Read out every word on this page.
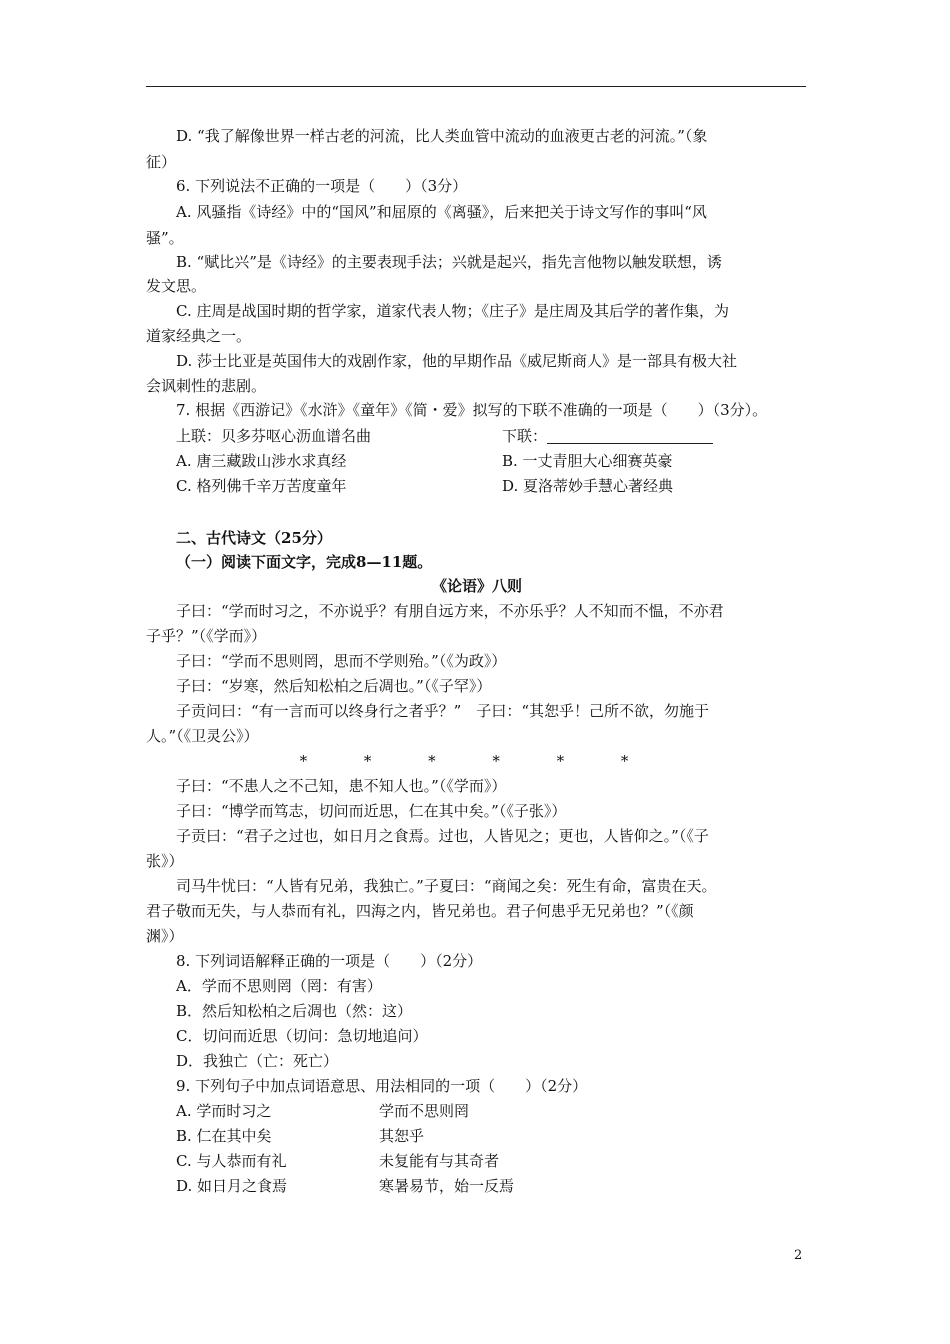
D. “我了解像世界一样古老的河流，比人类血管中流动的血液更古老的河流。”（象
征）
6. 下列说法不正确的一项是（　　）（3分）
A. 风骚指《诗经》中的“国风”和屈原的《离骚》，后来把关于诗文写作的事叫“风
骚”。
B. “赋比兴”是《诗经》的主要表现手法；兴就是起兴，指先言他物以触发联想，诱
发文思。
C. 庄周是战国时期的哲学家，道家代表人物；《庄子》是庄周及其后学的著作集，为
道家经典之一。
D. 莎士比亚是英国伟大的戏剧作家，他的早期作品《威尼斯商人》是一部具有极大社
会讽刺性的悲剧。
7. 根据《西游记》《水浒》《童年》《简・爱》拟写的下联不准确的一项是（　　）（3分）。
上联：贝多芬呕心沥血谱名曲	下联：
A. 唐三藏跋山涉水求真经	B. 一丈青胆大心细赛英豪
C. 格列佛千辛万苦度童年	D. 夏洛蒂妙手慧心著经典
二、古代诗文（25分）
（一）阅读下面文字，完成8—11题。
《论语》八则
子曰：“学而时习之，不亦说乎？有朋自远方来，不亦乐乎？人不知而不愠，不亦君
子乎？”（《学而》）
子曰：“学而不思则罔，思而不学则殆。”（《为政》）
子曰：“岁寒，然后知松柏之后凋也。”（《子罕》）
子贡问曰：“有一言而可以终身行之者乎？”　子曰：“其恕乎！己所不欲，勿施于
人。”（《卫灵公》）
* * * * * *
子曰：“不患人之不己知，患不知人也。”（《学而》）
子曰：“博学而笃志，切问而近思，仁在其中矣。”（《子张》）
子贡曰：“君子之过也，如日月之食焉。过也，人皆见之；更也，人皆仰之。”（《子
张》）
司马牛忧曰：“人皆有兄弟，我独亡。”子夏曰：“商闻之矣：死生有命，富贵在天。
君子敬而无失，与人恭而有礼，四海之内，皆兄弟也。君子何患乎无兄弟也？”（《颜
渊》）
8. 下列词语解释正确的一项是（　　）（2分）
A．学而不思则罔（罔：有害）
B．然后知松柏之后凋也（然：这）
C．切问而近思（切问：急切地追问）
D．我独亡（亡：死亡）
9. 下列句子中加点词语意思、用法相同的一项（　　）（2分）
A. 学而时习之	学而不思则罔
B. 仁在其中矣	其恕乎
C. 与人恭而有礼	未复能有与其奇者
D. 如日月之食焉	寒暑易节，始一反焉
2
